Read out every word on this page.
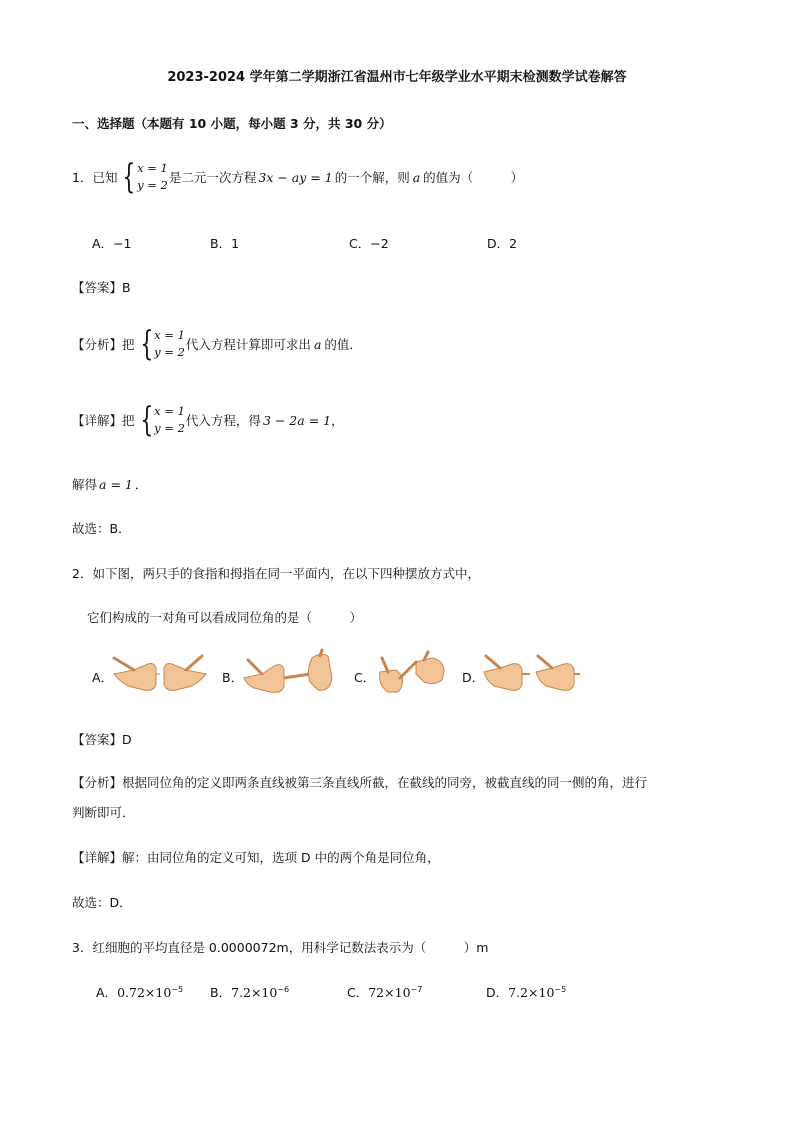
2023-2024 学年第二学期浙江省温州市七年级学业水平期末检测数学试卷解答
一、选择题（本题有 10 小题，每小题 3 分，共 30 分）
1．已知 { x = 1
y = 2 是二元一次方程 3x − ay = 1 的一个解，则 a 的值为（　　　）
A．−1	B．1	C．−2	D．2
【答案】B
【分析】把 { x = 1
y = 2 代入方程计算即可求出 a 的值．
【详解】把 { x = 1
y = 2 代入方程，得 3 − 2a = 1 ，
解得 a = 1 ．
故选：B．
2．如下图，两只手的食指和拇指在同一平面内，在以下四种摆放方式中，
它们构成的一对角可以看成同位角的是（　　　）
A．	B．	C．	D．
【答案】D
【分析】根据同位角的定义即两条直线被第三条直线所截，在截线的同旁，被截直线的同一侧的角，进行
判断即可．
【详解】解：由同位角的定义可知，选项 D 中的两个角是同位角，
故选：D．
3．红细胞的平均直径是 0.0000072m，用科学记数法表示为（　　　）m
A．$0.72\times 10^{-5}$ B．$7.2\times 10^{-6}$	C．$72\times 10^{-7}$	D．$7.2\times 10^{-5}$
